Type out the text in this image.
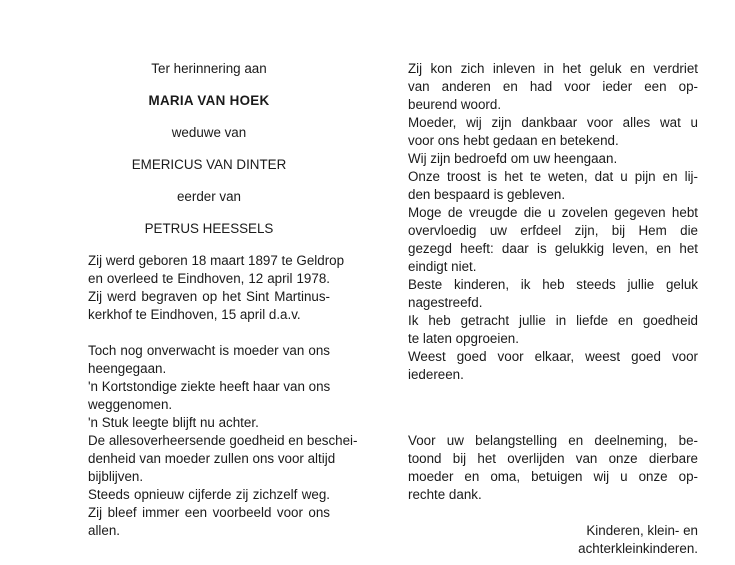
Ter herinnering aan
MARIA VAN HOEK
weduwe van
EMERICUS VAN DINTER
eerder van
PETRUS HEESSELS
Zij werd geboren 18 maart 1897 te Geldrop
en overleed te Eindhoven, 12 april 1978.
Zij werd begraven op het Sint Martinus-
kerkhof te Eindhoven, 15 april d.a.v.
Toch nog onverwacht is moeder van ons
heengegaan.
'n Kortstondige ziekte heeft haar van ons
weggenomen.
'n Stuk leegte blijft nu achter.
De allesoverheersende goedheid en beschei-
denheid van moeder zullen ons voor altijd
bijblijven.
Steeds opnieuw cijferde zij zichzelf weg.
Zij bleef immer een voorbeeld voor ons
allen.
Zij kon zich inleven in het geluk en verdriet
van anderen en had voor ieder een op-
beurend woord.
Moeder, wij zijn dankbaar voor alles wat u
voor ons hebt gedaan en betekend.
Wij zijn bedroefd om uw heengaan.
Onze troost is het te weten, dat u pijn en lij-
den bespaard is gebleven.
Moge de vreugde die u zovelen gegeven hebt
overvloedig uw erfdeel zijn, bij Hem die
gezegd heeft: daar is gelukkig leven, en het
eindigt niet.
Beste kinderen, ik heb steeds jullie geluk
nagestreefd.
Ik heb getracht jullie in liefde en goedheid
te laten opgroeien.
Weest goed voor elkaar, weest goed voor
iedereen.
Voor uw belangstelling en deelneming, be-
toond bij het overlijden van onze dierbare
moeder en oma, betuigen wij u onze op-
rechte dank.
Kinderen, klein- en
achterkleinkinderen.
